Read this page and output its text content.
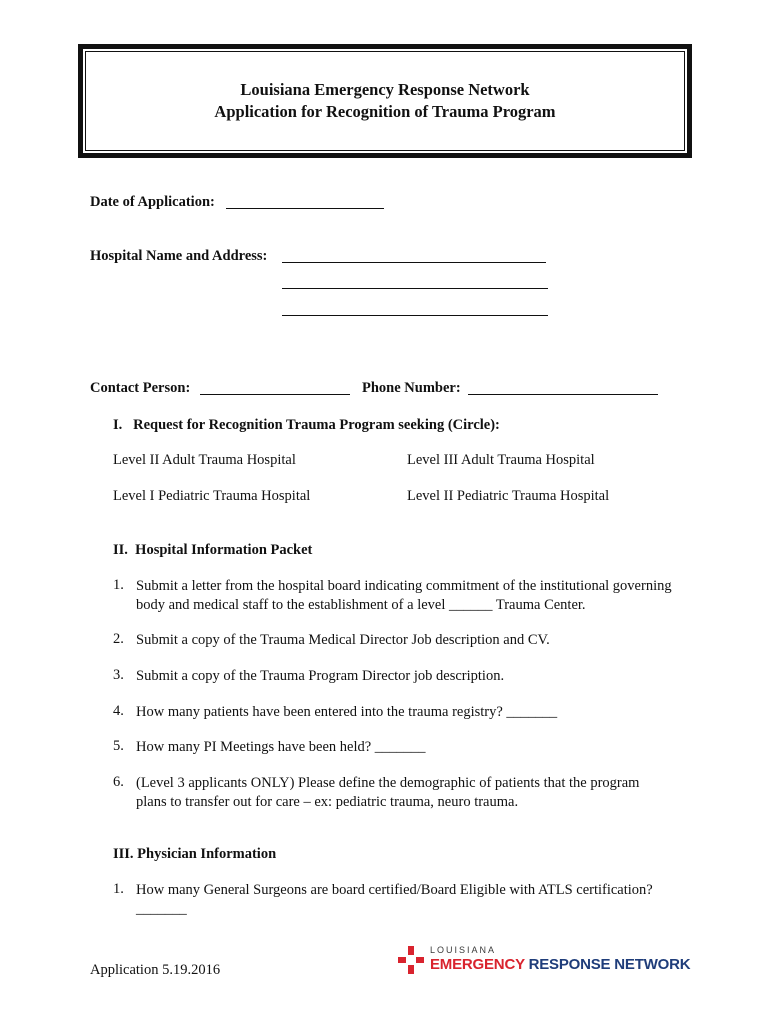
Louisiana Emergency Response Network
Application for Recognition of Trauma Program
Date of Application:
Hospital Name and Address:
Contact Person:	Phone Number:
I.   Request for Recognition Trauma Program seeking (Circle):
Level II Adult Trauma Hospital	Level III Adult Trauma Hospital
Level I Pediatric Trauma Hospital	Level II Pediatric Trauma Hospital
II.  Hospital Information Packet
1. Submit a letter from the hospital board indicating commitment of the institutional governing body and medical staff to the establishment of a level ______ Trauma Center.
2. Submit a copy of the Trauma Medical Director Job description and CV.
3. Submit a copy of the Trauma Program Director job description.
4. How many patients have been entered into the trauma registry? _______
5. How many PI Meetings have been held? _______
6. (Level 3 applicants ONLY) Please define the demographic of patients that the program plans to transfer out for care – ex: pediatric trauma, neuro trauma.
III. Physician Information
1. How many General Surgeons are board certified/Board Eligible with ATLS certification? _______
Application 5.19.2016
LOUISIANA
EMERGENCY RESPONSE NETWORK
